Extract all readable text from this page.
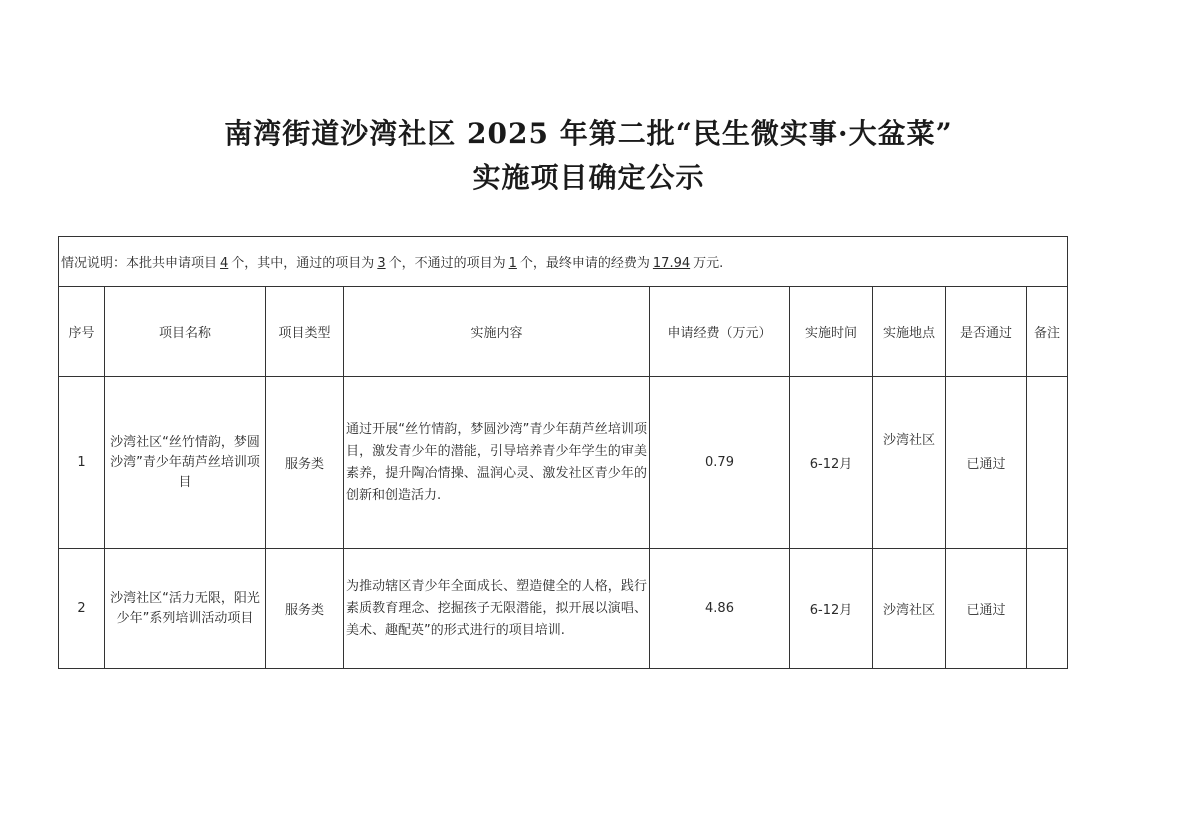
南湾街道沙湾社区 2025 年第二批“民生微实事·大盆菜”
实施项目确定公示
情况说明：本批共申请项目 4 个，其中，通过的项目为 3 个，不通过的项目为 1 个，最终申请的经费为 17.94 万元.								
序号	项目名称	项目类型	实施内容	申请经费（万元）	实施时间	实施地点	是否通过	备注
1	沙湾社区“丝竹情韵，梦圆沙湾”青少年葫芦丝培训项目	服务类	通过开展“丝竹情韵，梦圆沙湾”青少年葫芦丝培训项目，激发青少年的潜能，引导培养青少年学生的审美素养，提升陶冶情操、温润心灵、激发社区青少年的创新和创造活力.	0.79	6-12月	沙湾社区	已通过	
2	沙湾社区“活力无限，阳光少年”系列培训活动项目	服务类	为推动辖区青少年全面成长、塑造健全的人格，践行素质教育理念、挖掘孩子无限潜能，拟开展以演唱、美术、趣配英”的形式进行的项目培训.	4.86	6-12月	沙湾社区	已通过	
